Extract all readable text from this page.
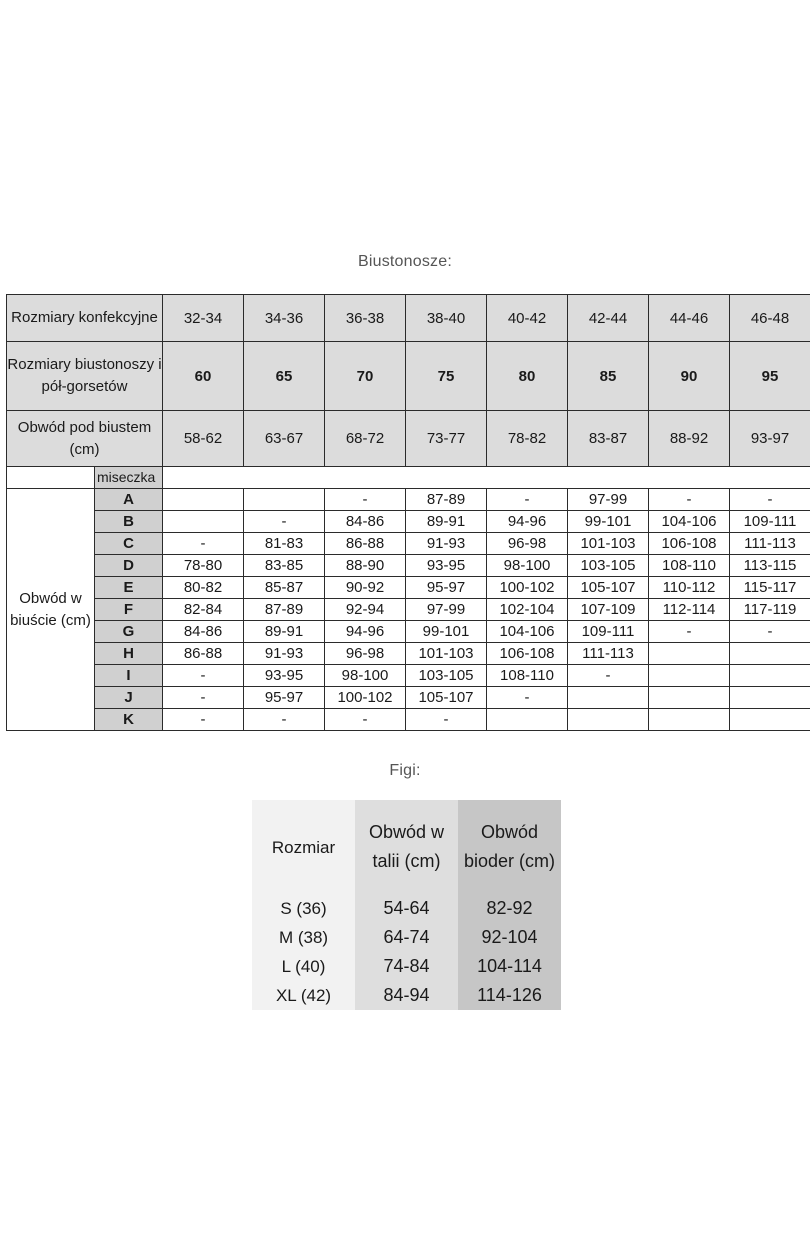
Biustonosze:
Rozmiary konfekcyjne		32-34	34-36	36-38	38-40	40-42	42-44	44-46	46-48
Rozmiary biustonoszy i pół-gorsetów		60	65	70	75	80	85	90	95
Obwód pod biustem (cm)		58-62	63-67	68-72	73-77	78-82	83-87	88-92	93-97
	miseczka								
Obwód w biuście (cm)	A			-	87-89	-	97-99	-	-
	B		-	84-86	89-91	94-96	99-101	104-106	109-111
	C	-	81-83	86-88	91-93	96-98	101-103	106-108	111-113
	D	78-80	83-85	88-90	93-95	98-100	103-105	108-110	113-115
	E	80-82	85-87	90-92	95-97	100-102	105-107	110-112	115-117
	F	82-84	87-89	92-94	97-99	102-104	107-109	112-114	117-119
	G	84-86	89-91	94-96	99-101	104-106	109-111	-	-
	H	86-88	91-93	96-98	101-103	106-108	111-113		
	I	-	93-95	98-100	103-105	108-110	-		
	J	-	95-97	100-102	105-107	-			
	K	-	-	-	-				
Figi:
Rozmiar	Obwód w talii (cm)	Obwód bioder (cm)
S (36)	54-64	82-92
M (38)	64-74	92-104
L (40)	74-84	104-114
XL (42)	84-94	114-126
